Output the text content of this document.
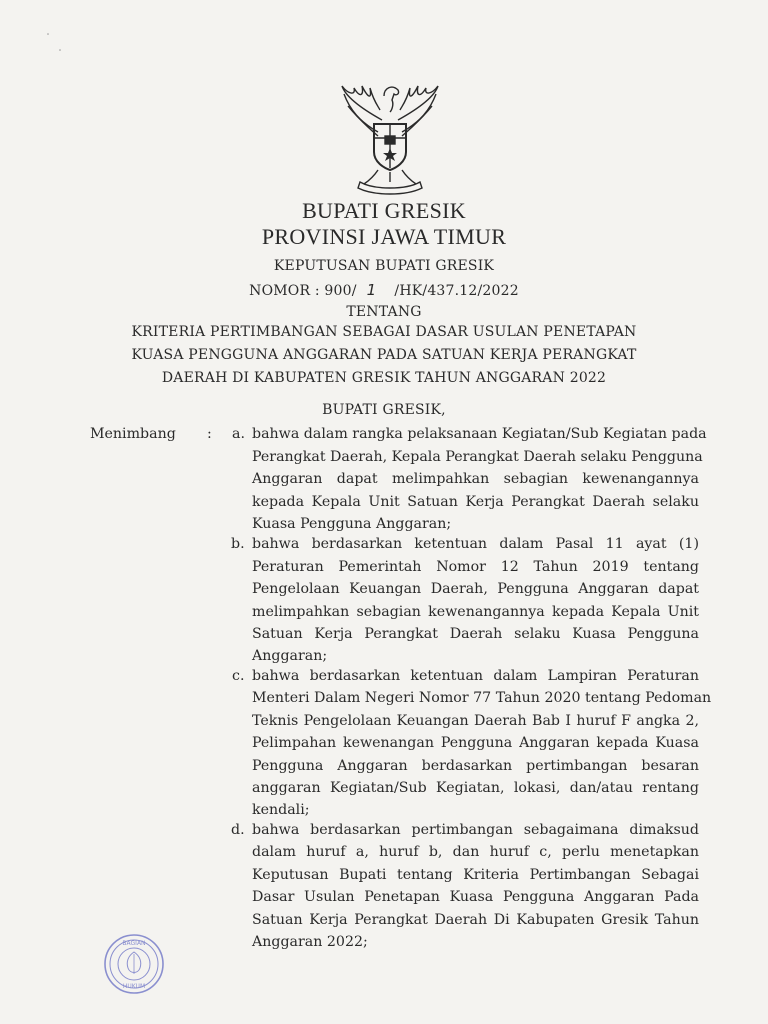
BUPATI GRESIK
PROVINSI JAWA TIMUR
KEPUTUSAN BUPATI GRESIK
NOMOR : 900/ 1 /HK/437.12/2022
TENTANG
KRITERIA PERTIMBANGAN SEBAGAI DASAR USULAN PENETAPAN
KUASA PENGGUNA ANGGARAN PADA SATUAN KERJA PERANGKAT
DAERAH DI KABUPATEN GRESIK TAHUN ANGGARAN 2022
BUPATI GRESIK,
Menimbang : a. bahwa dalam rangka pelaksanaan Kegiatan/Sub Kegiatan pada
Perangkat Daerah, Kepala Perangkat Daerah selaku Pengguna
Anggaran dapat melimpahkan sebagian kewenangannya
kepada Kepala Unit Satuan Kerja Perangkat Daerah selaku
Kuasa Pengguna Anggaran;
b. bahwa berdasarkan ketentuan dalam Pasal 11 ayat (1)
Peraturan Pemerintah Nomor 12 Tahun 2019 tentang
Pengelolaan Keuangan Daerah, Pengguna Anggaran dapat
melimpahkan sebagian kewenangannya kepada Kepala Unit
Satuan Kerja Perangkat Daerah selaku Kuasa Pengguna
Anggaran;
c. bahwa berdasarkan ketentuan dalam Lampiran Peraturan
Menteri Dalam Negeri Nomor 77 Tahun 2020 tentang Pedoman
Teknis Pengelolaan Keuangan Daerah Bab I huruf F angka 2,
Pelimpahan kewenangan Pengguna Anggaran kepada Kuasa
Pengguna Anggaran berdasarkan pertimbangan besaran
anggaran Kegiatan/Sub Kegiatan, lokasi, dan/atau rentang
kendali;
d. bahwa berdasarkan pertimbangan sebagaimana dimaksud
dalam huruf a, huruf b, dan huruf c, perlu menetapkan
Keputusan Bupati tentang Kriteria Pertimbangan Sebagai
Dasar Usulan Penetapan Kuasa Pengguna Anggaran Pada
Satuan Kerja Perangkat Daerah Di Kabupaten Gresik Tahun
Anggaran 2022;
BAGIAN
HUKUM
